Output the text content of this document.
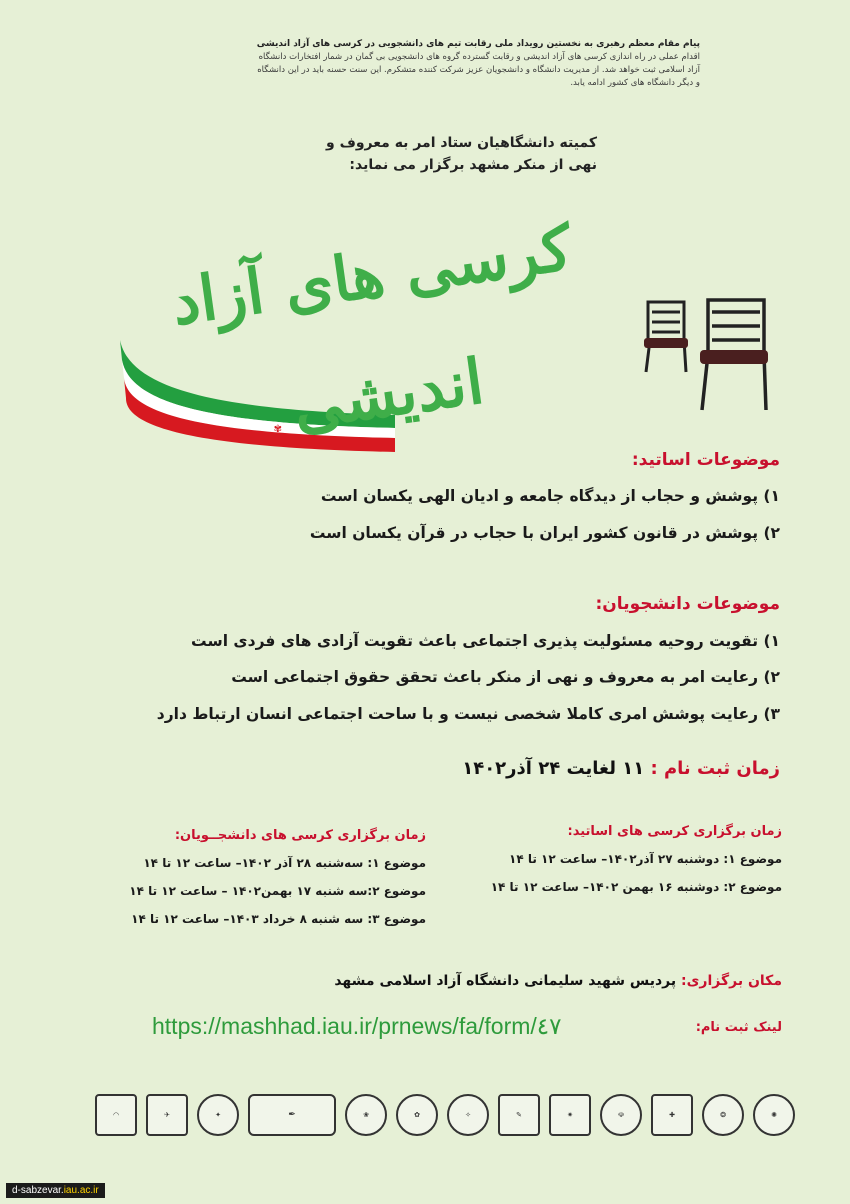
پیام مقام معظم رهبری به نخستین رویداد ملی رقابت تیم های دانشجویی در کرسی های آزاد اندیشی
اقدام عملی در راه اندازی کرسی های آزاد اندیشی و رقابت گسترده گروه های دانشجویی بی گمان در شمار افتخارات دانشگاه
آزاد اسلامی ثبت خواهد شد. از مدیریت دانشگاه و دانشجویان عزیز شرکت کننده متشکرم. این سنت حسنه باید در این دانشگاه
و دیگر دانشگاه های کشور ادامه یابد.
کمیته دانشگاهیان ستاد امر به معروف و
نهی از منکر مشهد برگزار می نماید:
✾
کرسی های آزاد اندیشی
موضوعات اساتید:
۱) پوشش و حجاب از دیدگاه جامعه و ادیان الهی یکسان است
۲) پوشش در قانون کشور ایران با حجاب در قرآن یکسان است
موضوعات دانشجویان:
۱) تقویت روحیه مسئولیت پذیری اجتماعی باعث تقویت آزادی های فردی است
۲) رعایت امر به معروف و نهی از منکر باعث تحقق حقوق اجتماعی است
۳) رعایت پوشش امری کاملا شخصی نیست و با ساحت اجتماعی انسان ارتباط دارد
زمان ثبت نام : ۱۱ لغایت ۲۴ آذر۱۴۰۲
زمان برگزاری کرسی های اساتید:
موضوع ۱: دوشنبه ۲۷ آذر۱۴۰۲– ساعت ۱۲ تا ۱۴
موضوع ۲: دوشنبه ۱۶ بهمن ۱۴۰۲– ساعت ۱۲ تا ۱۴
زمان برگزاری کرسی های دانشجــویان:
موضوع ۱: سه‌شنبه ۲۸ آذر ۱۴۰۲– ساعت ۱۲ تا ۱۴
موضوع ۲:سه شنبه ۱۷ بهمن۱۴۰۲ – ساعت ۱۲ تا ۱۴
موضوع ۳: سه شنبه ۸ خرداد ۱۴۰۳– ساعت ۱۲ تا ۱۴
مکان برگزاری: پردیس شهید سلیمانی دانشگاه آزاد اسلامی مشهد
لینک ثبت نام:
https://mashhad.iau.ir/prnews/fa/form/٤٧
◠	✈	✦	✒	❀	✿	✧	✎	✷	☫	✚	❂	✺
d-sabzevar.iau.ac.ir
